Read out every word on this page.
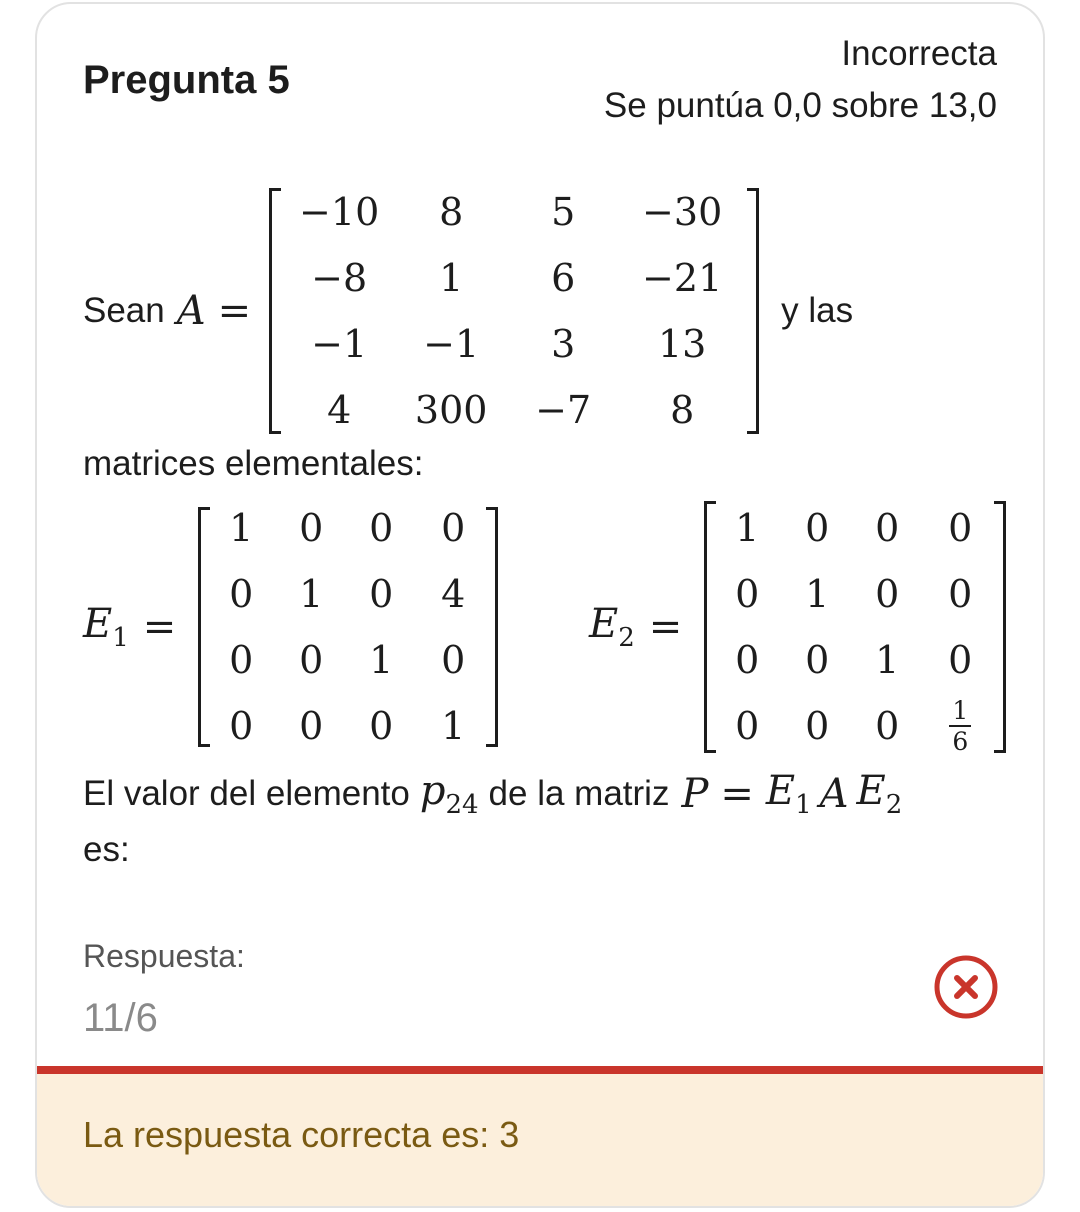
Pregunta 5
Incorrecta
Se puntúa 0,0 sobre 13,0
Sean A =
−10	8	5	−30
−8	1	6	−21
−1	−1	3	13
4	300	−7	8
y las
matrices elementales:
$E_1$ =
1	0	0	0
0	1	0	4
0	0	1	0
0	0	0	1
$E_2$ =
1	0	0	0
0	1	0	0
0	0	1	0
0	0	0	$\frac{1}{6}$
El valor del elemento $p_{24}$ de la matriz $P = E_1$ A $E_2$
es:
Respuesta:
11/6
La respuesta correcta es: 3
